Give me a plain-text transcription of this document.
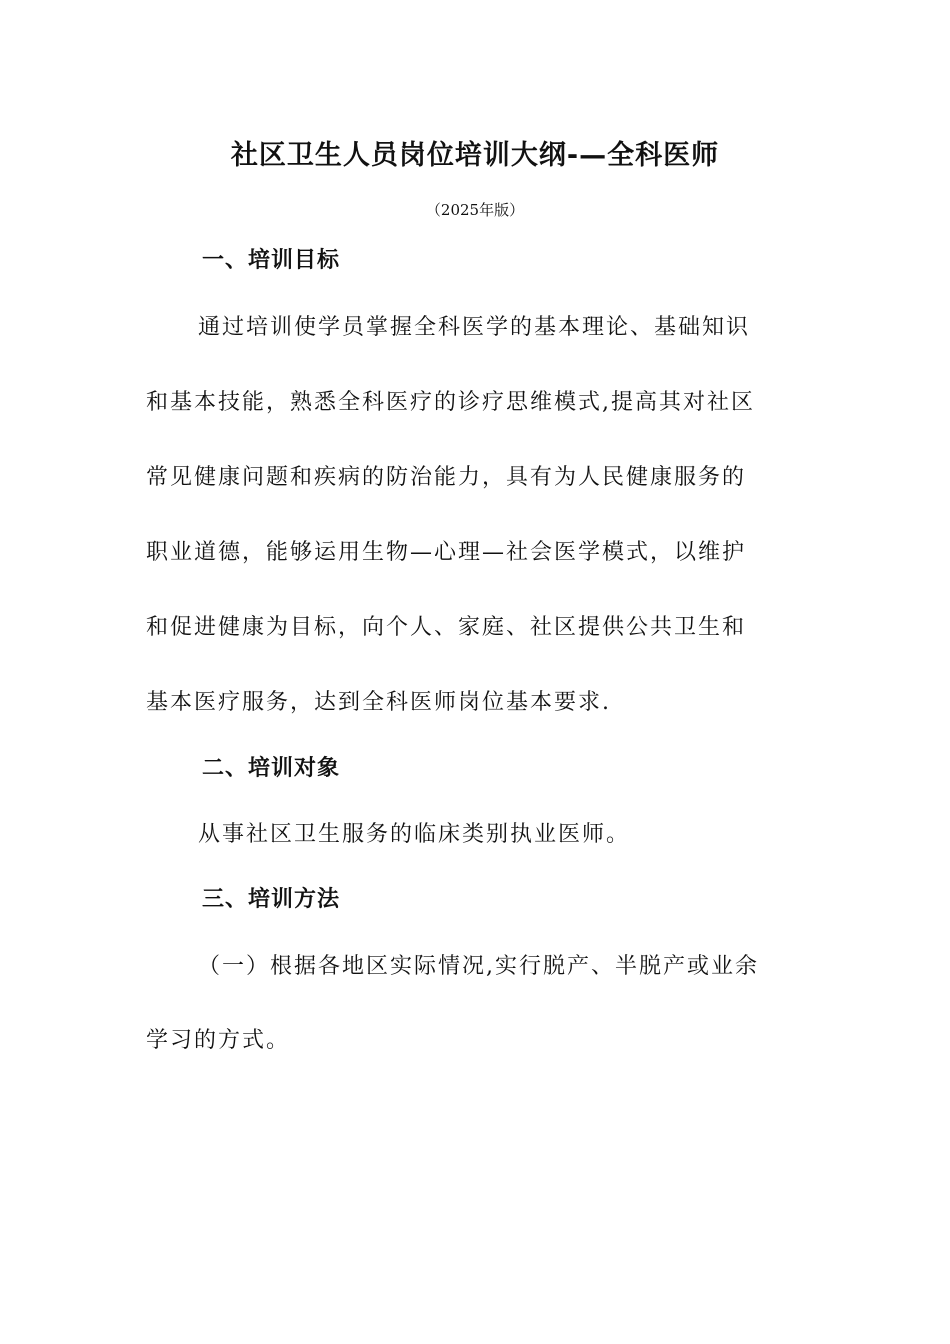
社区卫生人员岗位培训大纲-—全科医师
（2025年版）
一、培训目标
通过培训使学员掌握全科医学的基本理论、基础知识
和基本技能，熟悉全科医疗的诊疗思维模式,提高其对社区
常见健康问题和疾病的防治能力，具有为人民健康服务的
职业道德，能够运用生物—心理—社会医学模式，以维护
和促进健康为目标，向个人、家庭、社区提供公共卫生和
基本医疗服务，达到全科医师岗位基本要求.
二、培训对象
从事社区卫生服务的临床类别执业医师。
三、培训方法
（一）根据各地区实际情况,实行脱产、半脱产或业余
学习的方式。
